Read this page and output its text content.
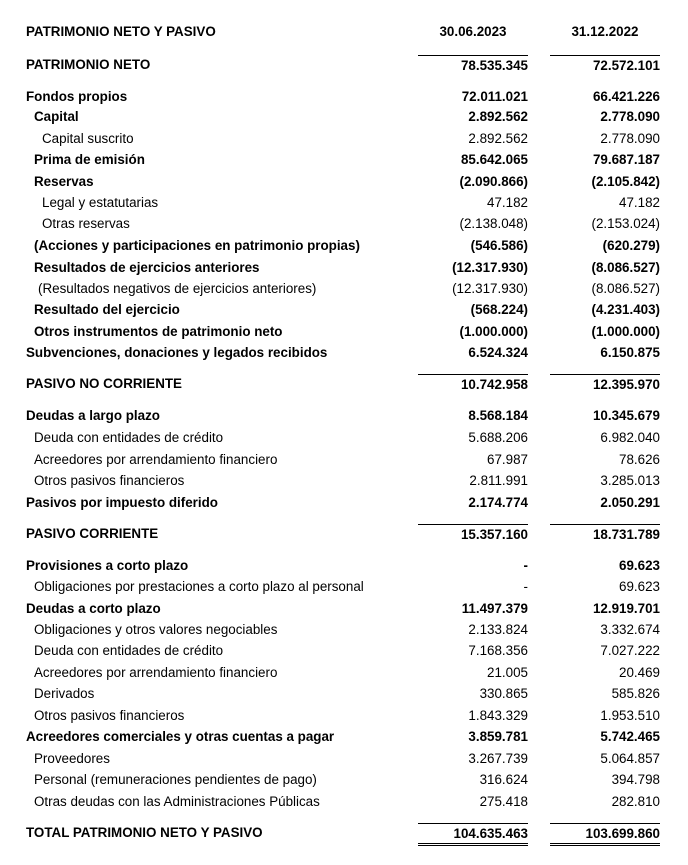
PATRIMONIO NETO Y PASIVO	30.06.2023	31.12.2022
PATRIMONIO NETO	78.535.345	72.572.101
Fondos propios	72.011.021	66.421.226
Capital	2.892.562	2.778.090
Capital suscrito	2.892.562	2.778.090
Prima de emisión	85.642.065	79.687.187
Reservas	(2.090.866)	(2.105.842)
Legal y estatutarias	47.182	47.182
Otras reservas	(2.138.048)	(2.153.024)
(Acciones y participaciones en patrimonio propias)	(546.586)	(620.279)
Resultados de ejercicios anteriores	(12.317.930)	(8.086.527)
(Resultados negativos de ejercicios anteriores)	(12.317.930)	(8.086.527)
Resultado del ejercicio	(568.224)	(4.231.403)
Otros instrumentos de patrimonio neto	(1.000.000)	(1.000.000)
Subvenciones, donaciones y legados recibidos	6.524.324	6.150.875
PASIVO NO CORRIENTE	10.742.958	12.395.970
Deudas a largo plazo	8.568.184	10.345.679
Deuda con entidades de crédito	5.688.206	6.982.040
Acreedores por arrendamiento financiero	67.987	78.626
Otros pasivos financieros	2.811.991	3.285.013
Pasivos por impuesto diferido	2.174.774	2.050.291
PASIVO CORRIENTE	15.357.160	18.731.789
Provisiones a corto plazo	-	69.623
Obligaciones por prestaciones a corto plazo al personal	-	69.623
Deudas a corto plazo	11.497.379	12.919.701
Obligaciones y otros valores negociables	2.133.824	3.332.674
Deuda con entidades de crédito	7.168.356	7.027.222
Acreedores por arrendamiento financiero	21.005	20.469
Derivados	330.865	585.826
Otros pasivos financieros	1.843.329	1.953.510
Acreedores comerciales y otras cuentas a pagar	3.859.781	5.742.465
Proveedores	3.267.739	5.064.857
Personal (remuneraciones pendientes de pago)	316.624	394.798
Otras deudas con las Administraciones Públicas	275.418	282.810
TOTAL PATRIMONIO NETO Y PASIVO	104.635.463	103.699.860
